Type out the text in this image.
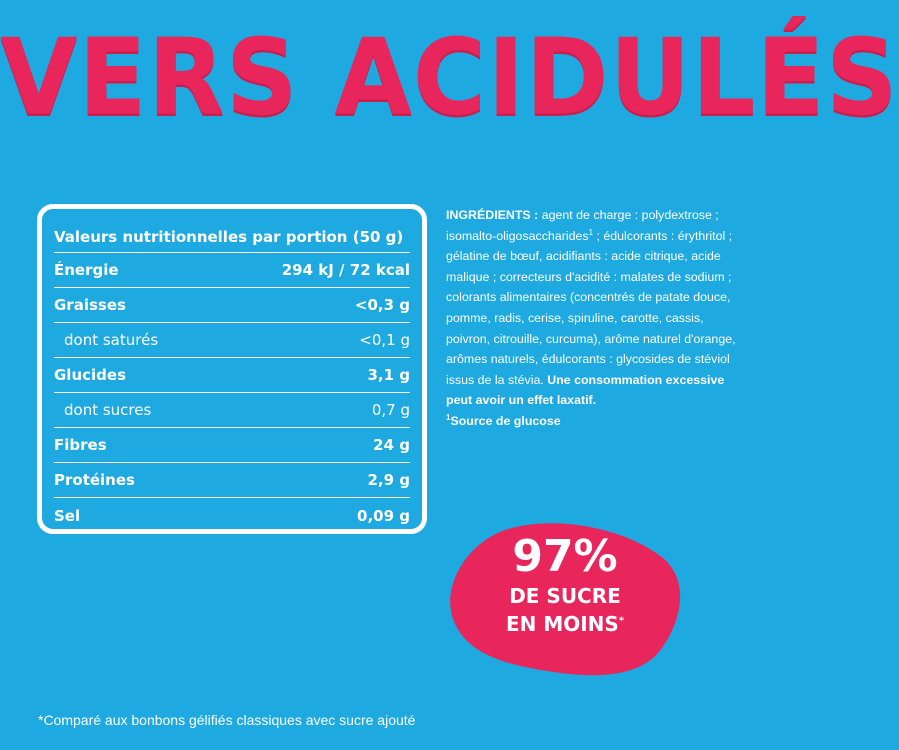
VERS ACIDULÉS
Valeurs nutritionnelles par portion (50 g)
Énergie	294 kJ / 72 kcal
Graisses	<0,3 g
dont saturés	<0,1 g
Glucides	3,1 g
dont sucres	0,7 g
Fibres	24 g
Protéines	2,9 g
Sel	0,09 g
INGRÉDIENTS : agent de charge : polydextrose ; isomalto-oligosaccharides$^1$ ; édulcorants : érythritol ; gélatine de bœuf, acidifiants : acide citrique, acide malique ; correcteurs d'acidité : malates de sodium ; colorants alimentaires (concentrés de patate douce, pomme, radis, cerise, spiruline, carotte, cassis, poivron, citrouille, curcuma), arôme naturel d'orange, arômes naturels, édulcorants : glycosides de stéviol issus de la stévia. Une consommation excessive peut avoir un effet laxatif.
$^1$Source de glucose
97%
DE SUCRE
EN MOINS*
*Comparé aux bonbons gélifiés classiques avec sucre ajouté
